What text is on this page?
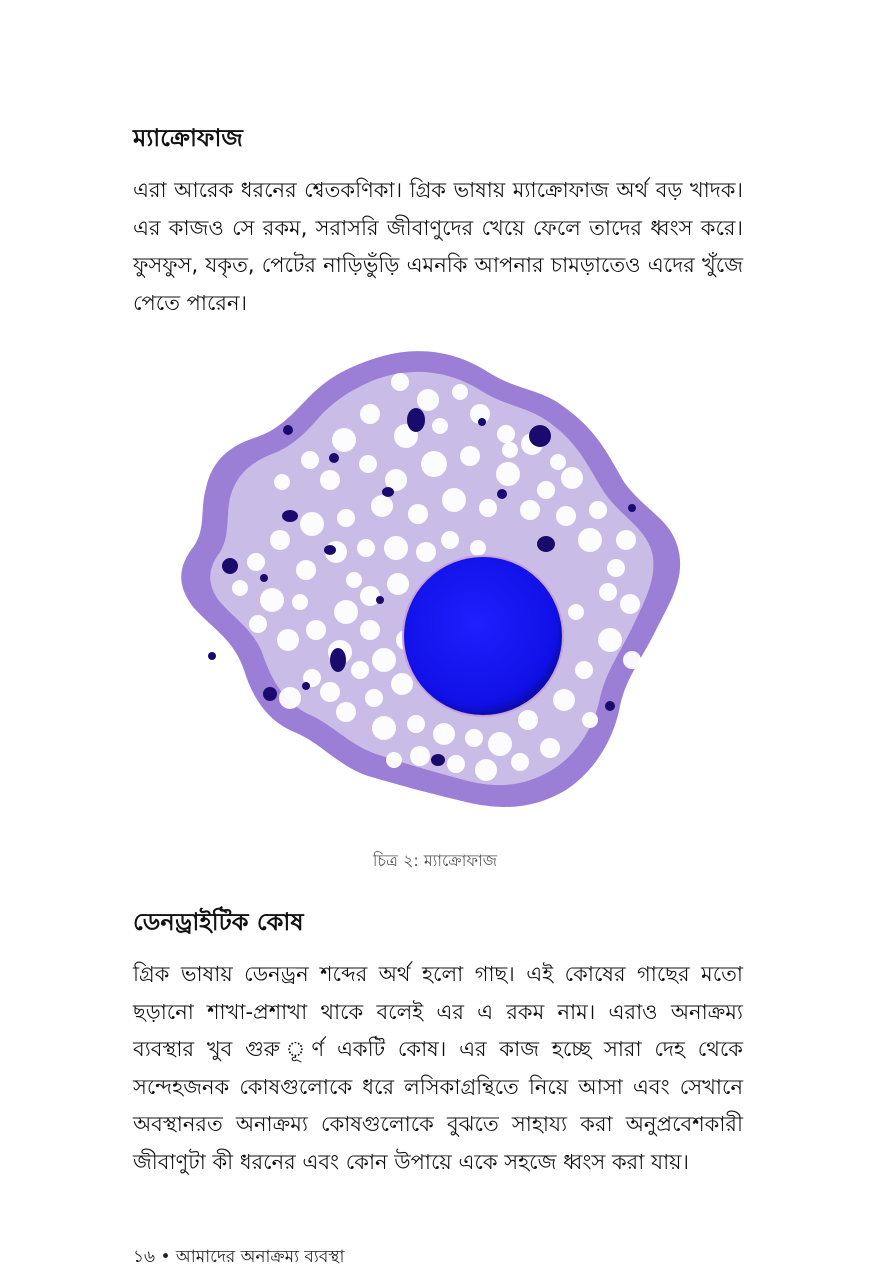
ম্যাক্রোফাজ

এরা আরেক ধরনের শ্বেতকণিকা। গ্রিক ভাষায় ম্যাক্রোফাজ অর্থ বড় খাদক। এর কাজও সে রকম, সরাসরি জীবাণুদের খেয়ে ফেলে তাদের ধ্বংস করে। ফুসফুস, যকৃত, পেটের নাড়িভুঁড়ি এমনকি আপনার চামড়াতেও এদের খুঁজে পেতে পারেন।

চিত্র ২: ম্যাক্রোফাজ
ডেনড্রাইটিক কোষ

গ্রিক ভাষায় ডেনড্রন শব্দের অর্থ হলো গাছ। এই কোষের গাছের মতো ছড়ানো শাখা-প্রশাখা থাকে বলেই এর এ রকম নাম। এরাও অনাক্রম্য ব্যবস্থার খুব গুরু ূর্ণ একটি কোষ। এর কাজ হচ্ছে সারা দেহ থেকে সন্দেহজনক কোষগুলোকে ধরে লসিকাগ্রন্থিতে নিয়ে আসা এবং সেখানে অবস্থানরত অনাক্রম্য কোষগুলোকে বুঝতে সাহায্য করা অনুপ্রবেশকারী জীবাণুটা কী ধরনের এবং কোন উপায়ে একে সহজে ধ্বংস করা যায়।

১৬ • আমাদের অনাক্রম্য ব্যবস্থা
